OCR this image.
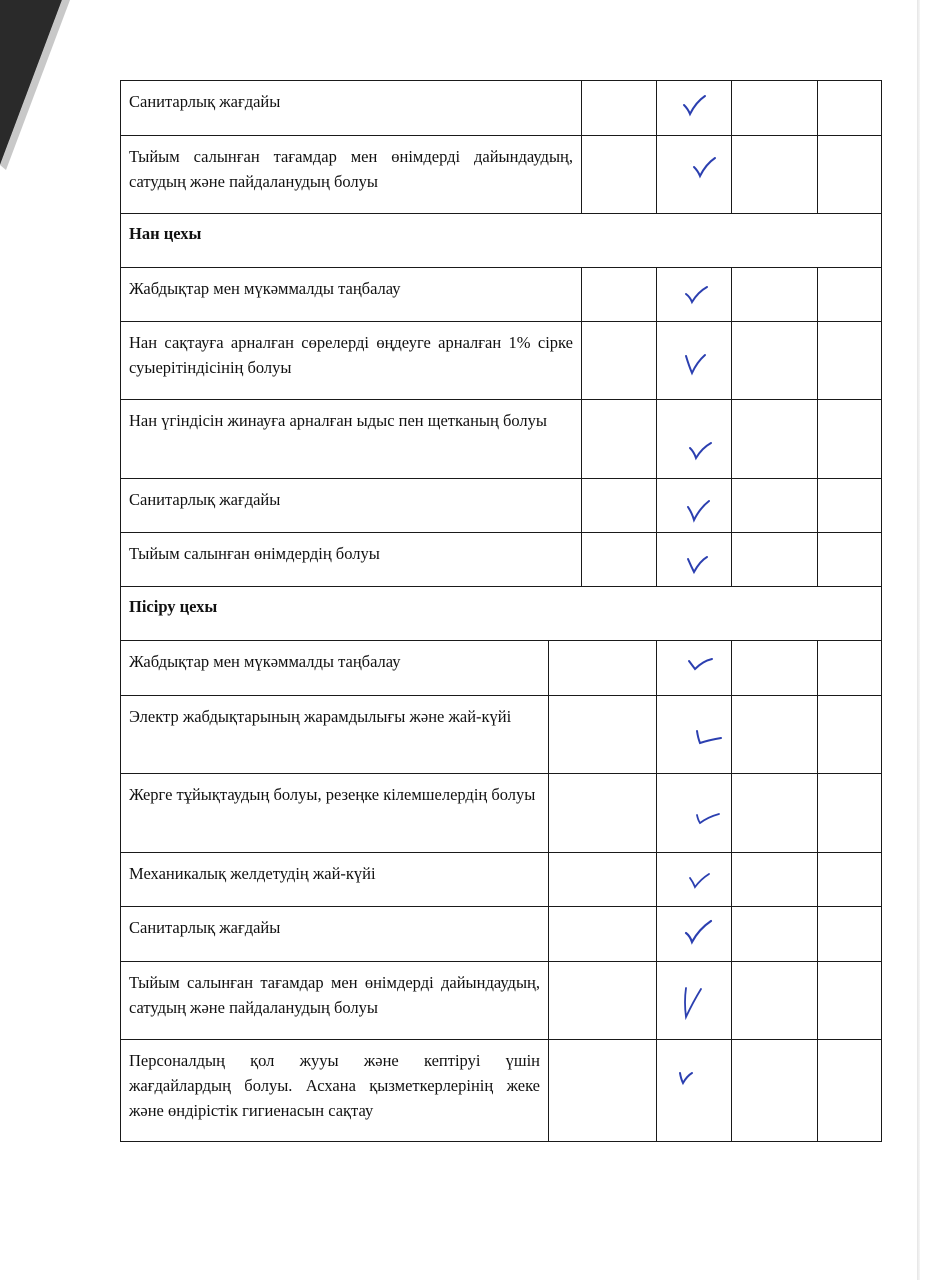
Санитарлық жағдайы
Тыйым салынған тағамдар мен өнімдерді дайындаудың, сатудың және пайдаланудың болуы
Нан цехы
Жабдықтар мен мүкәммалды таңбалау
Нан сақтауға арналған сөрелерді өңдеуге арналған 1% сірке суыерітіндісінің болуы
Нан үгіндісін жинауға арналған ыдыс пен щетканың болуы
Санитарлық жағдайы
Тыйым салынған өнімдердің болуы
Пісіру цехы
Жабдықтар мен мүкәммалды таңбалау
Электр жабдықтарының жарамдылығы және жай-күйі
Жерге тұйықтаудың болуы, резеңке кілемшелердің болуы
Механикалық желдетудің жай-күйі
Санитарлық жағдайы
Тыйым салынған тағамдар мен өнімдерді дайындаудың, сатудың және пайдаланудың болуы
Персоналдың қол жууы және кептіруі үшін жағдайлардың болуы. Асхана қызметкерлерінің жеке және өндірістік гигиенасын сақтау
